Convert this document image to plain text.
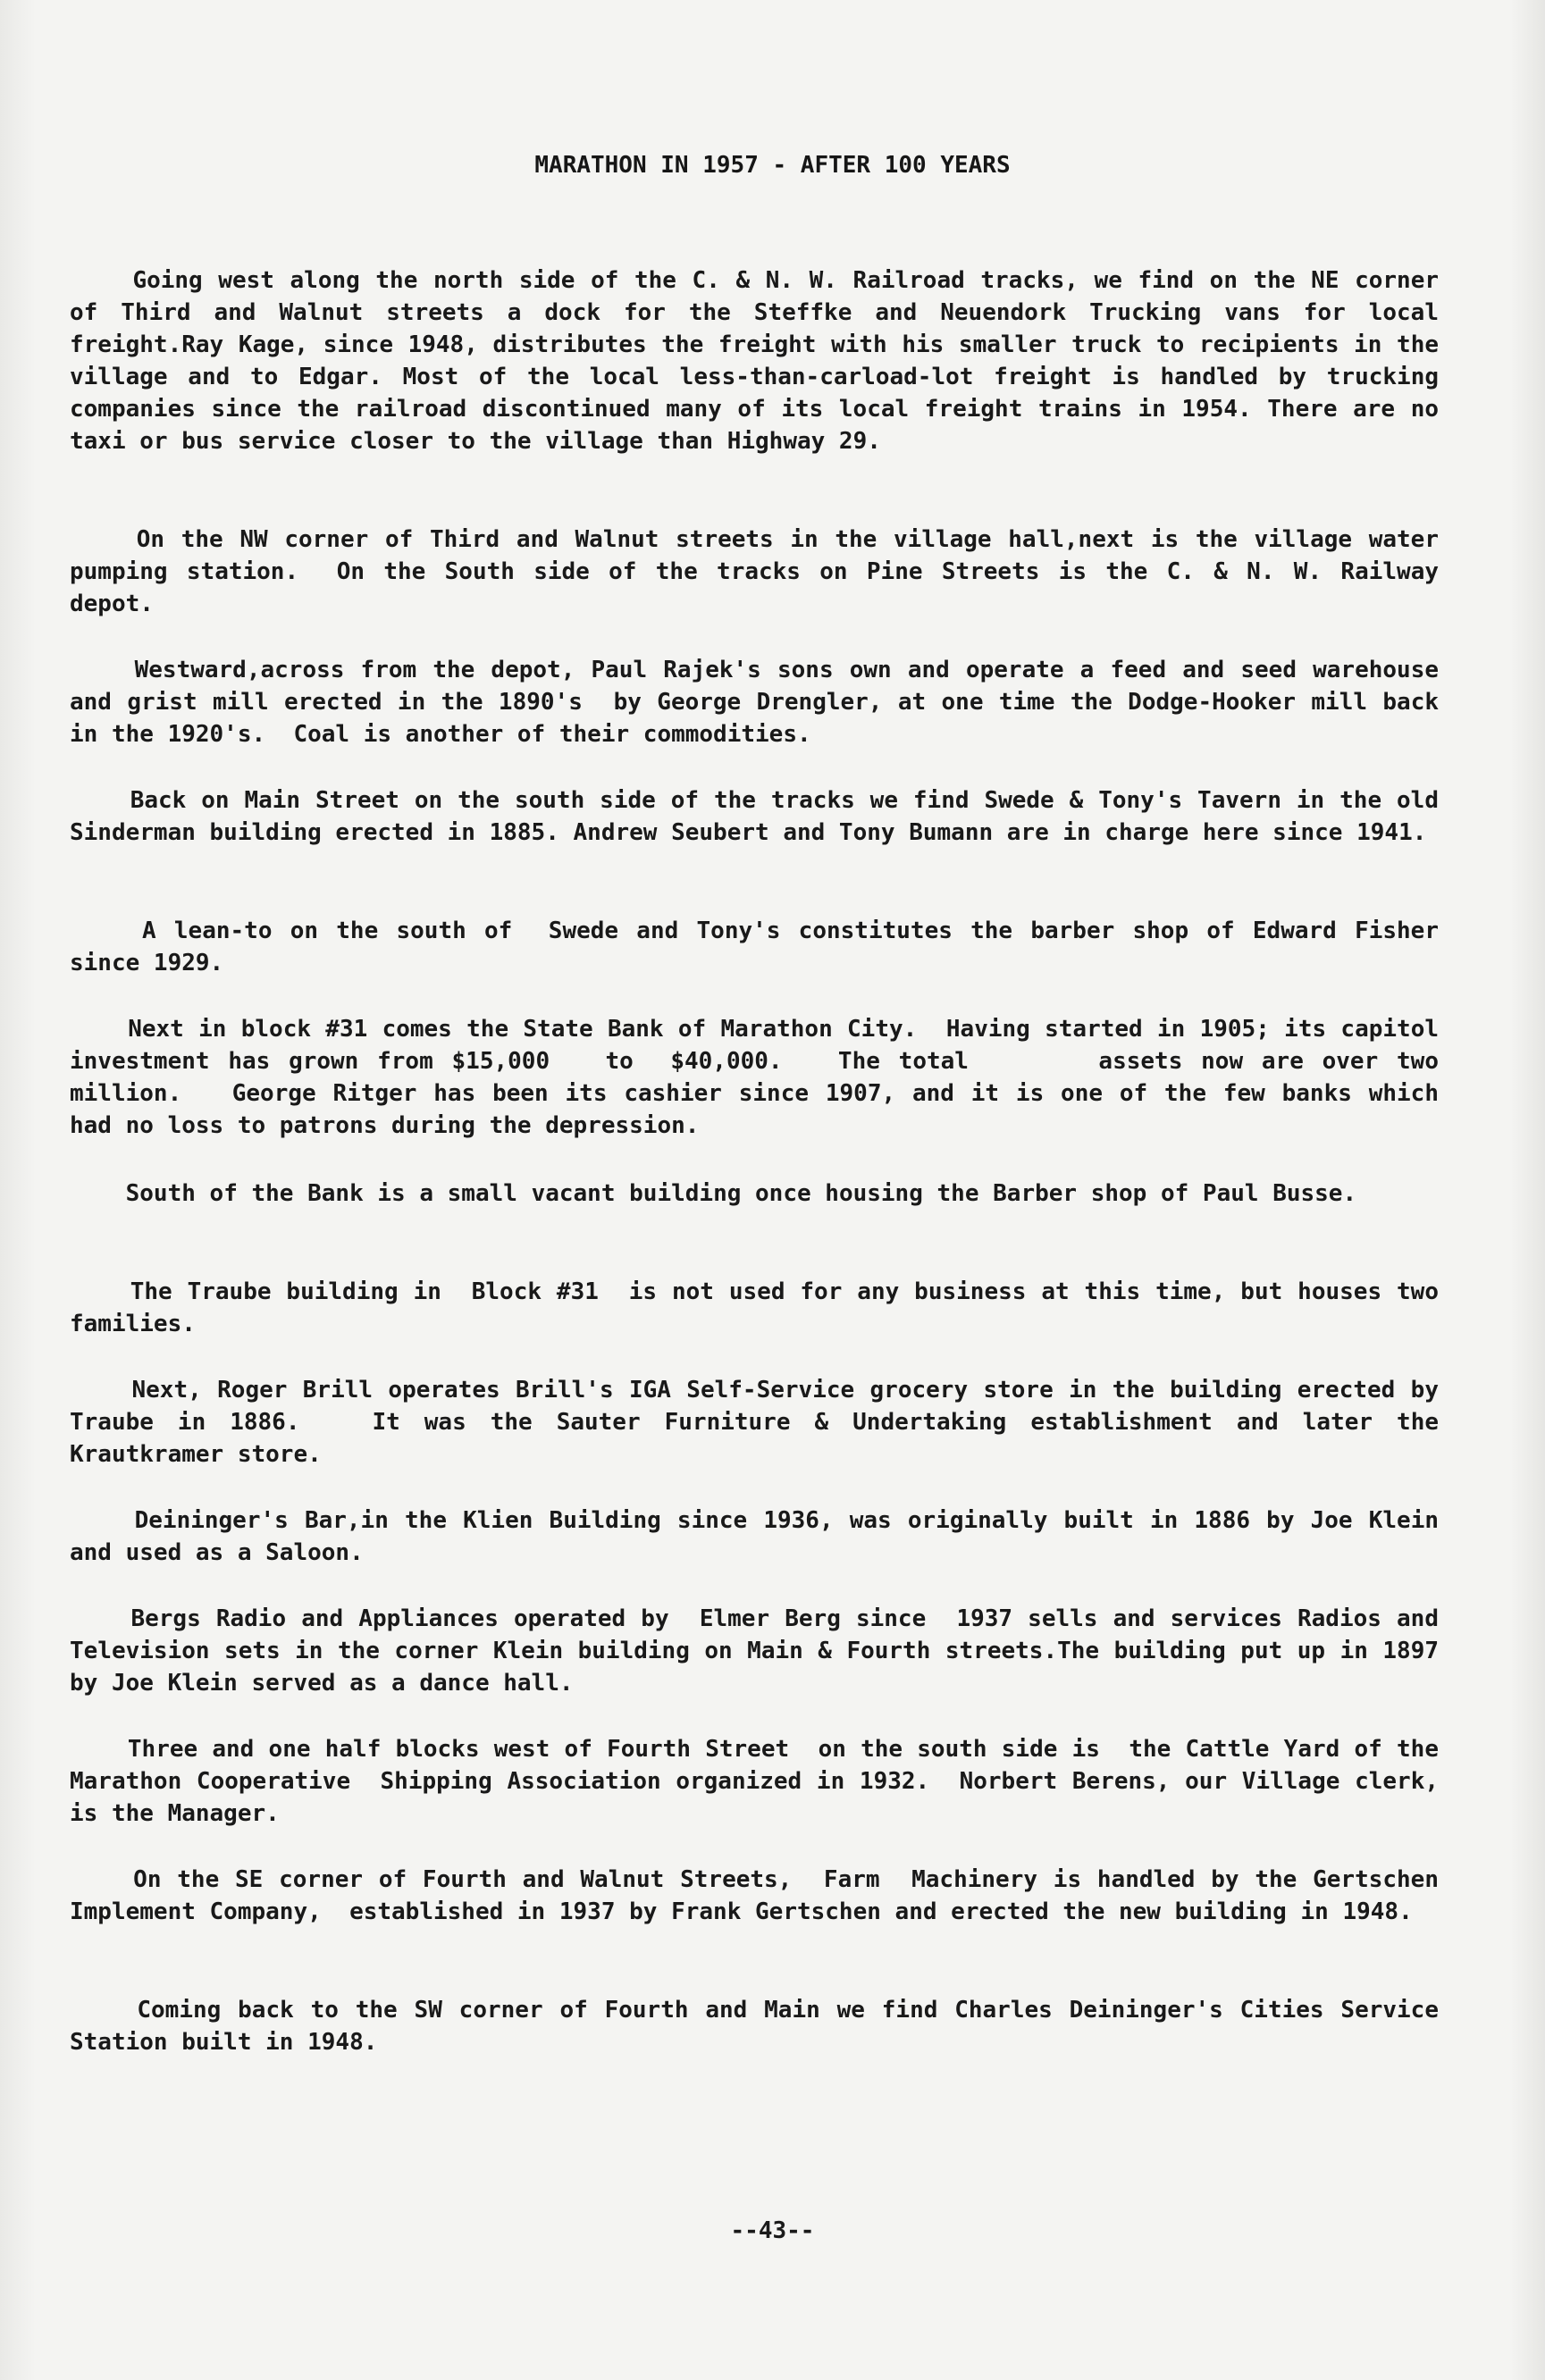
MARATHON IN 1957 - AFTER 100 YEARS

Going west along the north side of the C. & N. W. Railroad tracks, we find on the NE corner of Third and Walnut streets a dock for the Steffke and Neuendork Trucking vans for local freight.Ray Kage, since 1948, distributes the freight with his smaller truck to recipients in the village and to Edgar. Most of the local less-than-carload-lot freight is handled by trucking companies since the railroad discontinued many of its local freight trains in 1954. There are no taxi or bus service closer to the village than Highway 29.

On the NW corner of Third and Walnut streets in the village hall,next is the village water pumping station.  On the South side of the tracks on Pine Streets is the C. & N. W. Railway depot.

Westward,across from the depot, Paul Rajek's sons own and operate a feed and seed warehouse and grist mill erected in the 1890's  by George Drengler, at one time the Dodge-Hooker mill back in the 1920's.  Coal is another of their commodities.

Back on Main Street on the south side of the tracks we find Swede & Tony's Tavern in the old Sinderman building erected in 1885. Andrew Seubert and Tony Bumann are in charge here since 1941.

A lean-to on the south of  Swede and Tony's constitutes the barber shop of Edward Fisher since 1929.

Next in block #31 comes the State Bank of Marathon City.  Having started in 1905; its capitol investment has grown from $15,000   to  $40,000.   The total       assets now are over two million.   George Ritger has been its cashier since 1907, and it is one of the few banks which had no loss to patrons during the depression.

South of the Bank is a small vacant building once housing the Barber shop of Paul Busse.

The Traube building in  Block #31  is not used for any business at this time, but houses two families.

Next, Roger Brill operates Brill's IGA Self-Service grocery store in the building erected by Traube in 1886.   It was the Sauter Furniture & Undertaking establishment and later the Krautkramer store.

Deininger's Bar,in the Klien Building since 1936, was originally built in 1886 by Joe Klein and used as a Saloon.

Bergs Radio and Appliances operated by  Elmer Berg since  1937 sells and services Radios and Television sets in the corner Klein building on Main & Fourth streets.The building put up in 1897 by Joe Klein served as a dance hall.

Three and one half blocks west of Fourth Street  on the south side is  the Cattle Yard of the Marathon Cooperative  Shipping Association organized in 1932.  Norbert Berens, our Village clerk, is the Manager.

On the SE corner of Fourth and Walnut Streets,  Farm  Machinery is handled by the Gertschen Implement Company,  established in 1937 by Frank Gertschen and erected the new building in 1948.

Coming back to the SW corner of Fourth and Main we find Charles Deininger's Cities Service Station built in 1948.

--43--
